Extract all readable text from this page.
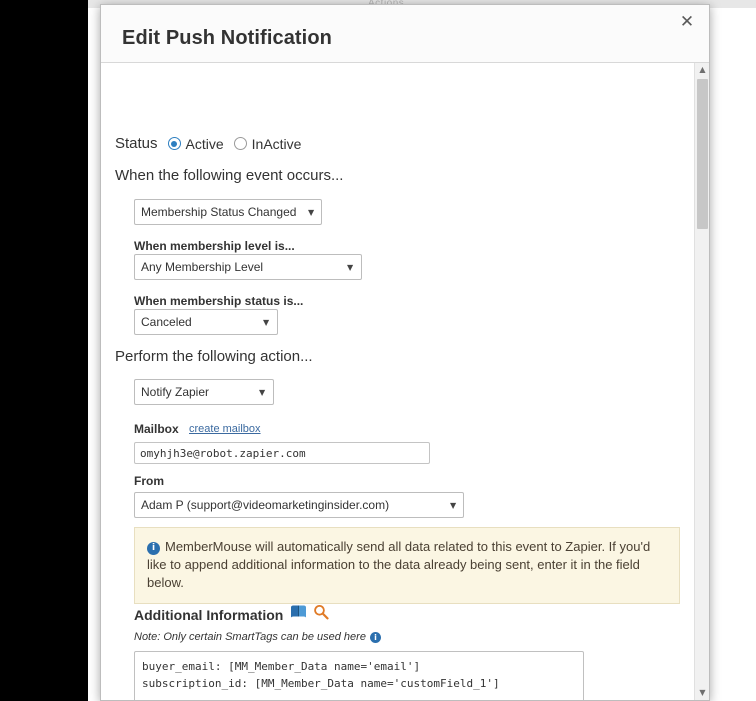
Edit Push Notification
✕
Status Active InActive
When the following event occurs...
Membership Status Changed
▼
When membership level is...
Any Membership Level
▼
When membership status is...
Canceled
▼
Perform the following action...
Notify Zapier
▼
Mailbox create mailbox
omyhjh3e@robot.zapier.com
From
Adam P (support@videomarketinginsider.com)
▼
i MemberMouse will automatically send all data related to this event to Zapier. If you'd like to append additional information to the data already being sent, enter it in the field below.
Additional Information
Note: Only certain SmartTags can be used here i
buyer_email: [MM_Member_Data name='email'] subscription_id: [MM_Member_Data name='customField_1']
▲
▼
